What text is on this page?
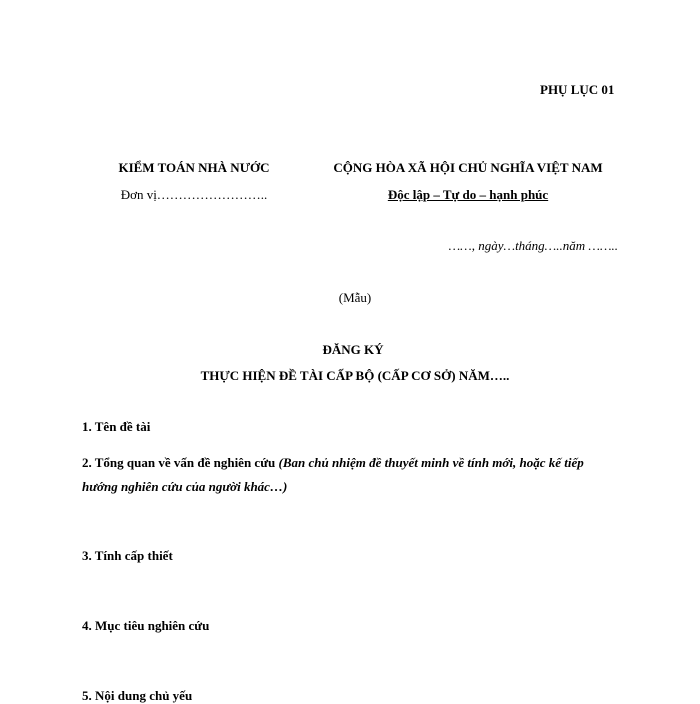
PHỤ LỤC 01
KIỂM TOÁN NHÀ NƯỚC
Đơn vị……………………..
CỘNG HÒA XÃ HỘI CHỦ NGHĨA VIỆT NAM
Độc lập – Tự do – hạnh phúc
……, ngày…tháng…..năm ……..
(Mẫu)
ĐĂNG KÝ
THỰC HIỆN ĐỀ TÀI CẤP BỘ (CẤP CƠ SỞ) NĂM…..
1. Tên đề tài
2. Tổng quan về vấn đề nghiên cứu (Ban chủ nhiệm đề thuyết minh về tính mới, hoặc kế tiếp hướng nghiên cứu của người khác…)
3. Tính cấp thiết
4. Mục tiêu nghiên cứu
5. Nội dung chủ yếu
